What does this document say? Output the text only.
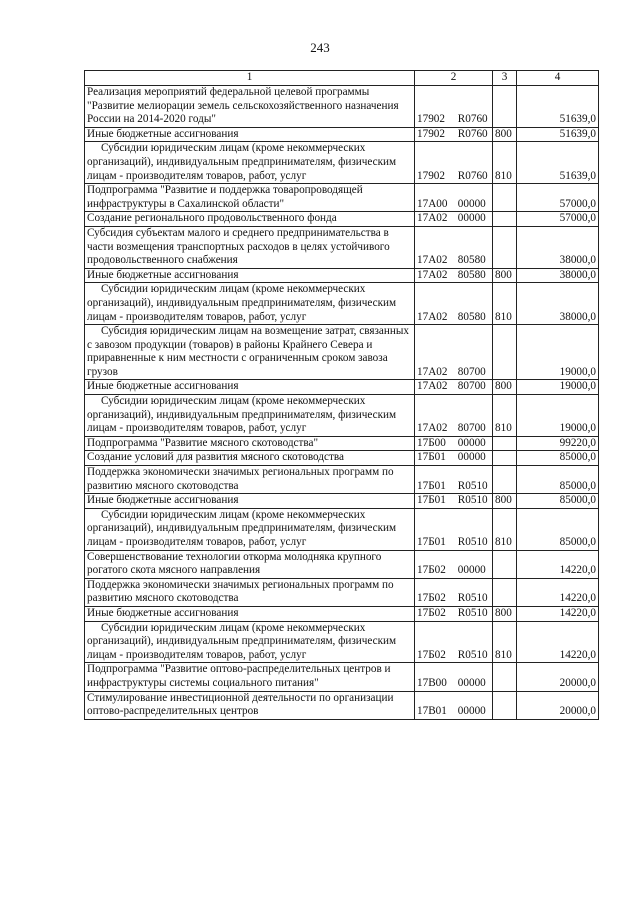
243
1	2	3	4
Реализация мероприятий федеральной целевой программы "Развитие мелиорации земель сельскохозяйственного назначения России на 2014-2020 годы"	17902 R0760		51639,0
Иные бюджетные ассигнования	17902 R0760	800	51639,0
Субсидии юридическим лицам (кроме некоммерческих организаций), индивидуальным предпринимателям, физическим лицам - производителям товаров, работ, услуг	17902 R0760	810	51639,0
Подпрограмма "Развитие и поддержка товаропроводящей инфраструктуры в Сахалинской области"	17А00 00000		57000,0
Создание регионального продовольственного фонда	17А02 00000		57000,0
Субсидия субъектам малого и среднего предпринимательства в части возмещения транспортных расходов в целях устойчивого продовольственного снабжения	17А02 80580		38000,0
Иные бюджетные ассигнования	17А02 80580	800	38000,0
Субсидии юридическим лицам (кроме некоммерческих организаций), индивидуальным предпринимателям, физическим лицам - производителям товаров, работ, услуг	17А02 80580	810	38000,0
Субсидия юридическим лицам на возмещение затрат, связанных с завозом продукции (товаров) в районы Крайнего Севера и приравненные к ним местности с ограниченным сроком завоза грузов	17А02 80700		19000,0
Иные бюджетные ассигнования	17А02 80700	800	19000,0
Субсидии юридическим лицам (кроме некоммерческих организаций), индивидуальным предпринимателям, физическим лицам - производителям товаров, работ, услуг	17А02 80700	810	19000,0
Подпрограмма "Развитие мясного скотоводства"	17Б00 00000		99220,0
Создание условий для развития мясного скотоводства	17Б01 00000		85000,0
Поддержка экономически значимых региональных программ по развитию мясного скотоводства	17Б01 R0510		85000,0
Иные бюджетные ассигнования	17Б01 R0510	800	85000,0
Субсидии юридическим лицам (кроме некоммерческих организаций), индивидуальным предпринимателям, физическим лицам - производителям товаров, работ, услуг	17Б01 R0510	810	85000,0
Совершенствование технологии откорма молодняка крупного рогатого скота мясного направления	17Б02 00000		14220,0
Поддержка экономически значимых региональных программ по развитию мясного скотоводства	17Б02 R0510		14220,0
Иные бюджетные ассигнования	17Б02 R0510	800	14220,0
Субсидии юридическим лицам (кроме некоммерческих организаций), индивидуальным предпринимателям, физическим лицам - производителям товаров, работ, услуг	17Б02 R0510	810	14220,0
Подпрограмма "Развитие оптово-распределительных центров и инфраструктуры системы социального питания"	17В00 00000		20000,0
Стимулирование инвестиционной деятельности по организации оптово-распределительных центров	17В01 00000		20000,0
